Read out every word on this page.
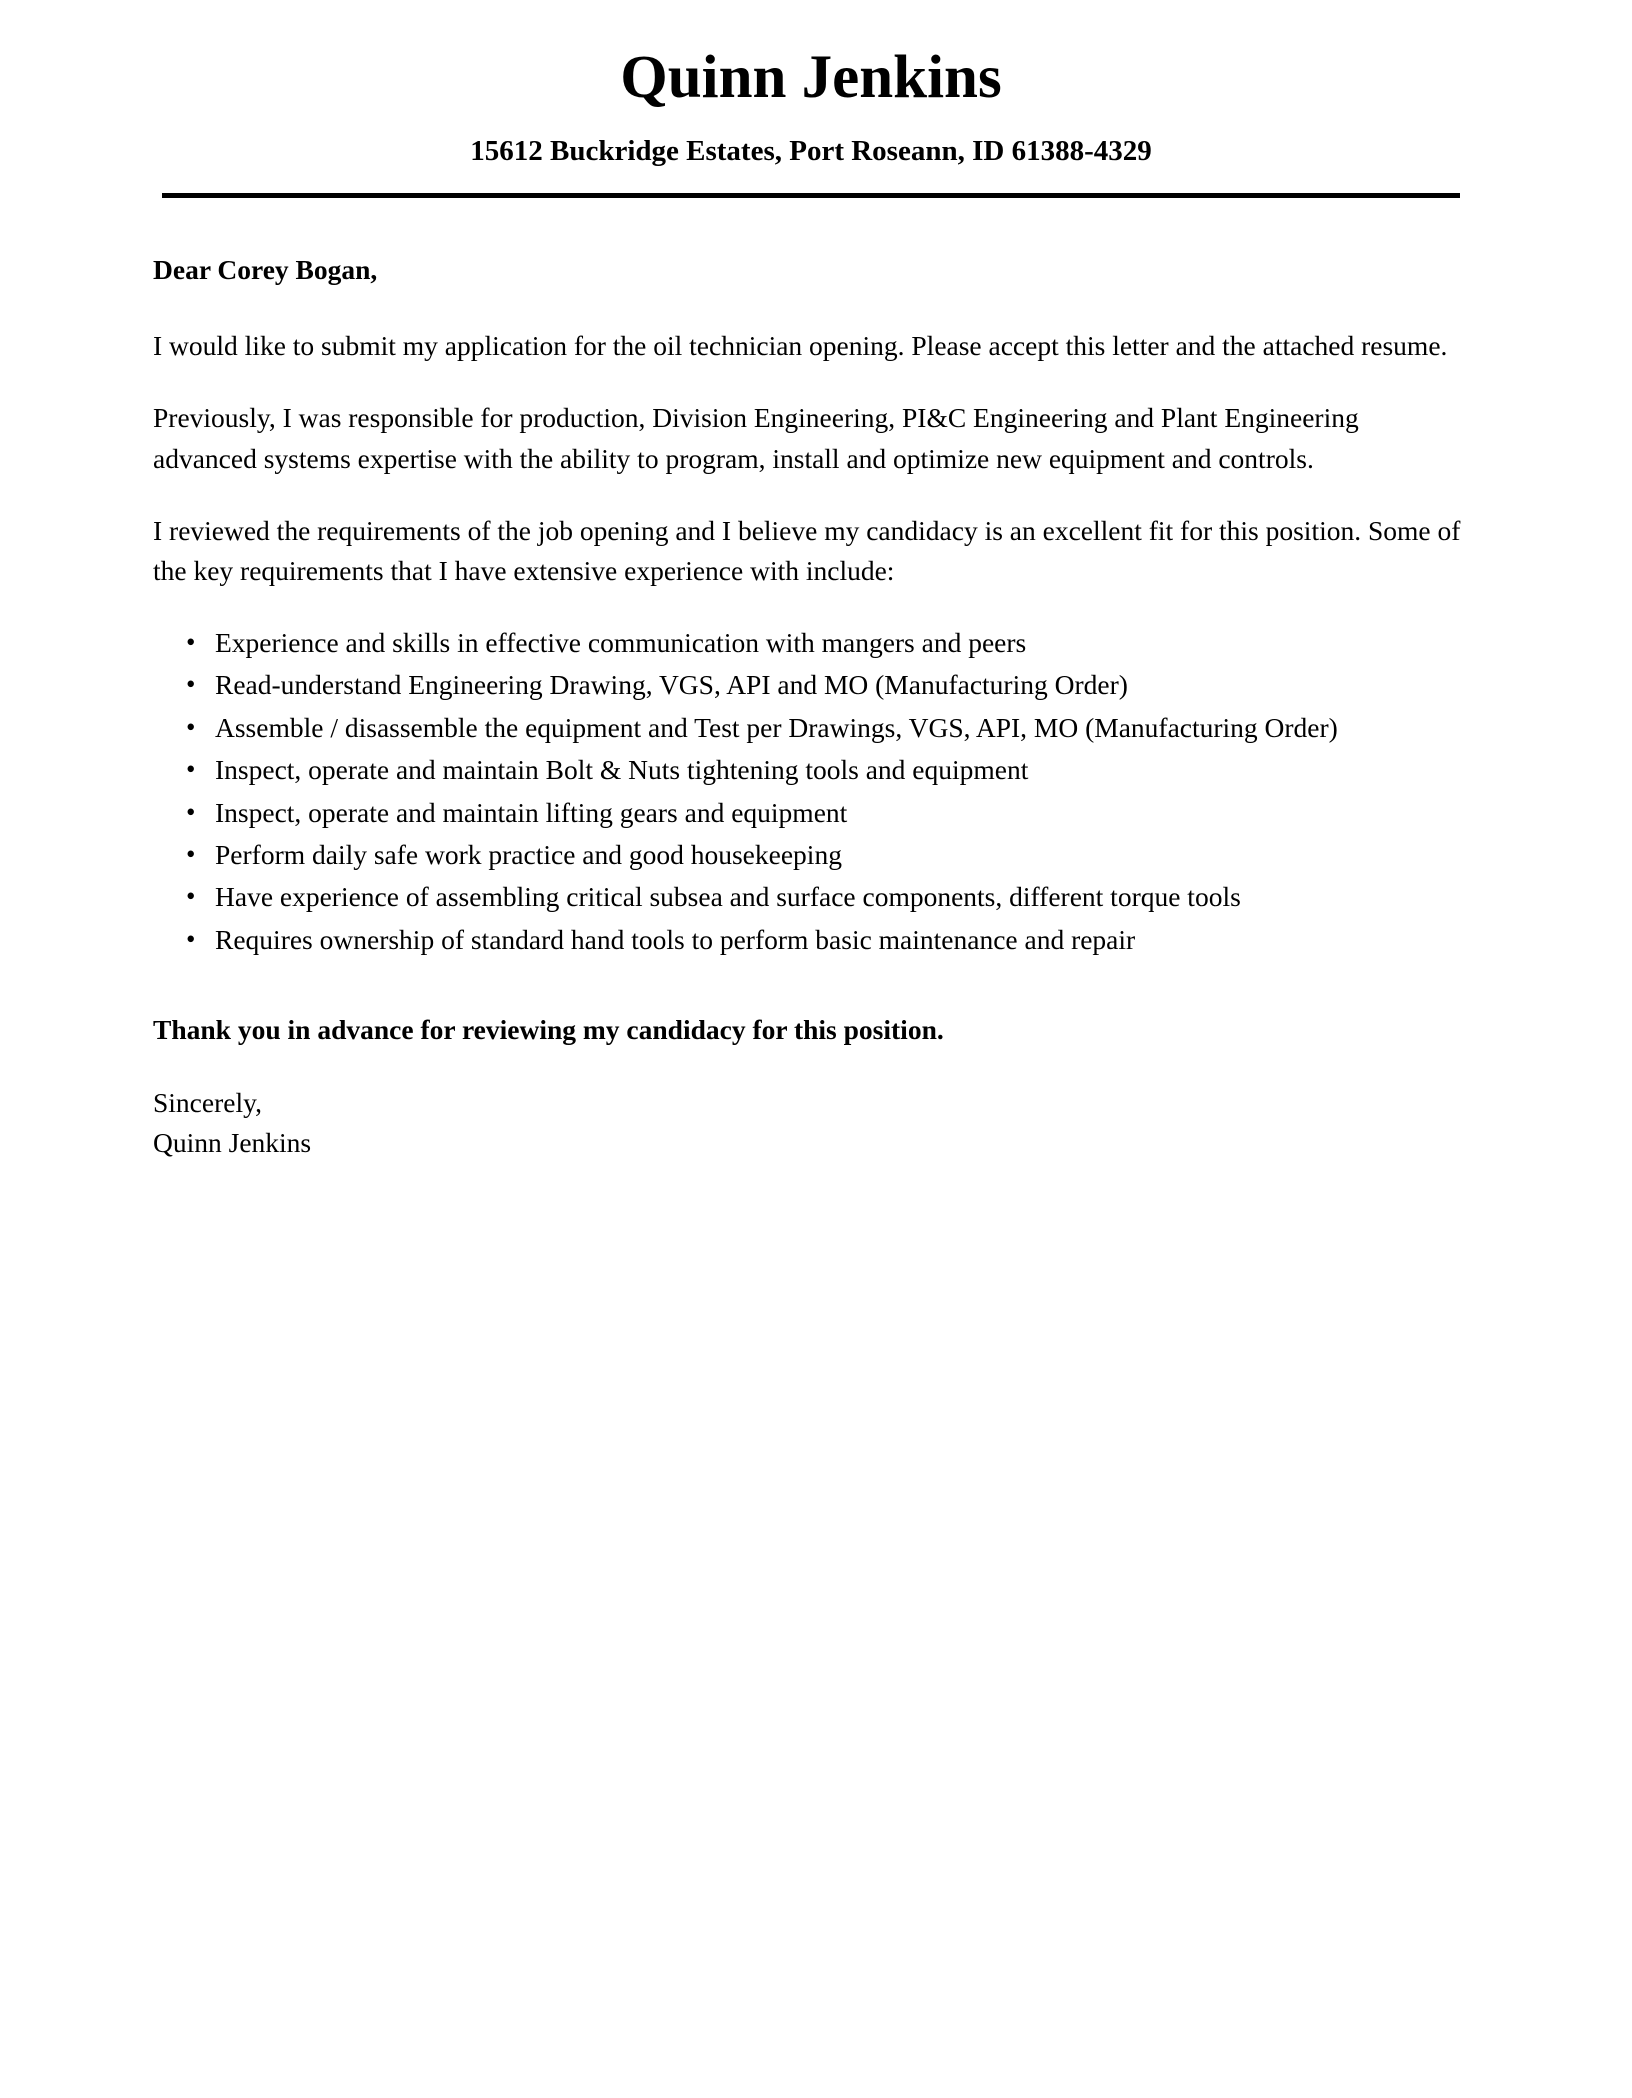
Quinn Jenkins
15612 Buckridge Estates, Port Roseann, ID 61388-4329
Dear Corey Bogan,

I would like to submit my application for the oil technician opening. Please accept this letter and the attached resume.

Previously, I was responsible for production, Division Engineering, PI&C Engineering and Plant Engineering advanced systems expertise with the ability to program, install and optimize new equipment and controls.

I reviewed the requirements of the job opening and I believe my candidacy is an excellent fit for this position. Some of the key requirements that I have extensive experience with include:

• Experience and skills in effective communication with mangers and peers
• Read-understand Engineering Drawing, VGS, API and MO (Manufacturing Order)
• Assemble / disassemble the equipment and Test per Drawings, VGS, API, MO (Manufacturing Order)
• Inspect, operate and maintain Bolt & Nuts tightening tools and equipment
• Inspect, operate and maintain lifting gears and equipment
• Perform daily safe work practice and good housekeeping
• Have experience of assembling critical subsea and surface components, different torque tools
• Requires ownership of standard hand tools to perform basic maintenance and repair

Thank you in advance for reviewing my candidacy for this position.

Sincerely,

Quinn Jenkins
